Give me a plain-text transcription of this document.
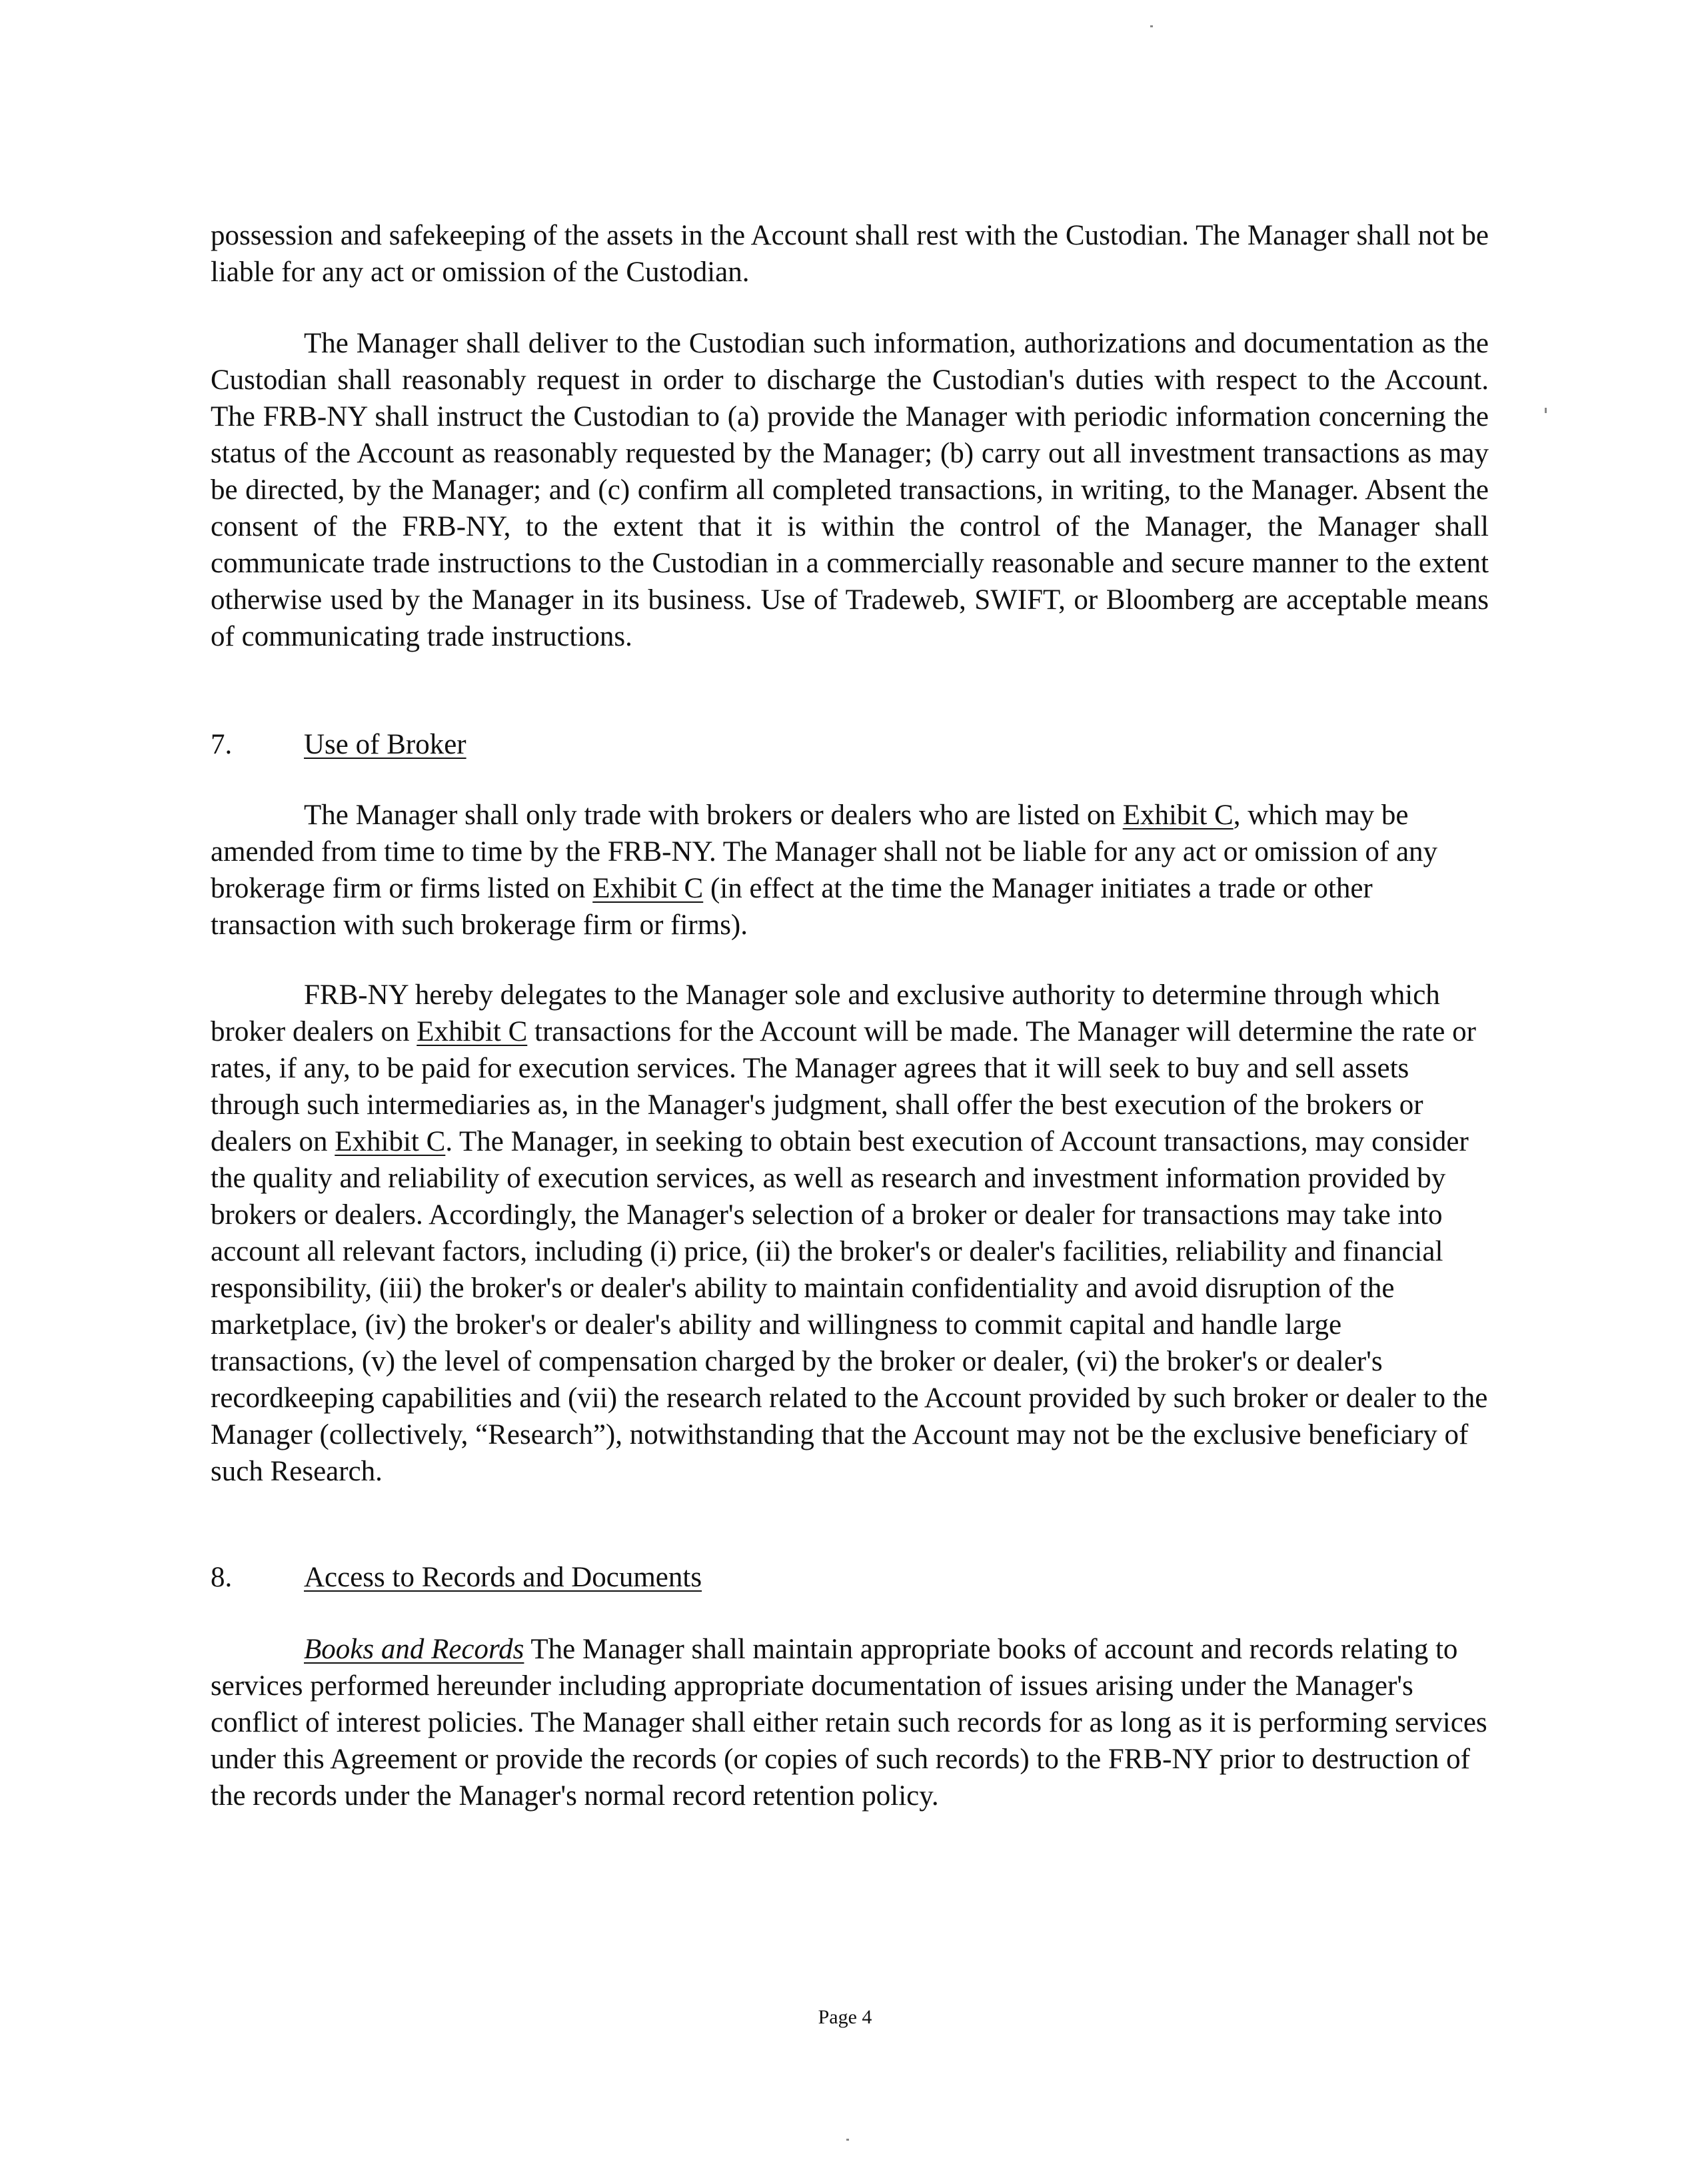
possession and safekeeping of the assets in the Account shall rest with the Custodian. The Manager shall not be liable for any act or omission of the Custodian.

The Manager shall deliver to the Custodian such information, authorizations and documentation as the Custodian shall reasonably request in order to discharge the Custodian's duties with respect to the Account. The FRB-NY shall instruct the Custodian to (a) provide the Manager with periodic information concerning the status of the Account as reasonably requested by the Manager; (b) carry out all investment transactions as may be directed, by the Manager; and (c) confirm all completed transactions, in writing, to the Manager. Absent the consent of the FRB-NY, to the extent that it is within the control of the Manager, the Manager shall communicate trade instructions to the Custodian in a commercially reasonable and secure manner to the extent otherwise used by the Manager in its business. Use of Tradeweb, SWIFT, or Bloomberg are acceptable means of communicating trade instructions.

7.	Use of Broker

The Manager shall only trade with brokers or dealers who are listed on Exhibit C, which may be amended from time to time by the FRB-NY. The Manager shall not be liable for any act or omission of any brokerage firm or firms listed on Exhibit C (in effect at the time the Manager initiates a trade or other transaction with such brokerage firm or firms).

FRB-NY hereby delegates to the Manager sole and exclusive authority to determine through which broker dealers on Exhibit C transactions for the Account will be made. The Manager will determine the rate or rates, if any, to be paid for execution services. The Manager agrees that it will seek to buy and sell assets through such intermediaries as, in the Manager's judgment, shall offer the best execution of the brokers or dealers on Exhibit C. The Manager, in seeking to obtain best execution of Account transactions, may consider the quality and reliability of execution services, as well as research and investment information provided by brokers or dealers. Accordingly, the Manager's selection of a broker or dealer for transactions may take into account all relevant factors, including (i) price, (ii) the broker's or dealer's facilities, reliability and financial responsibility, (iii) the broker's or dealer's ability to maintain confidentiality and avoid disruption of the marketplace, (iv) the broker's or dealer's ability and willingness to commit capital and handle large transactions, (v) the level of compensation charged by the broker or dealer, (vi) the broker's or dealer's recordkeeping capabilities and (vii) the research related to the Account provided by such broker or dealer to the Manager (collectively, “Research”), notwithstanding that the Account may not be the exclusive beneficiary of such Research.

8.	Access to Records and Documents

Books and Records The Manager shall maintain appropriate books of account and records relating to services performed hereunder including appropriate documentation of issues arising under the Manager's conflict of interest policies. The Manager shall either retain such records for as long as it is performing services under this Agreement or provide the records (or copies of such records) to the FRB-NY prior to destruction of the records under the Manager's normal record retention policy.

Page 4
